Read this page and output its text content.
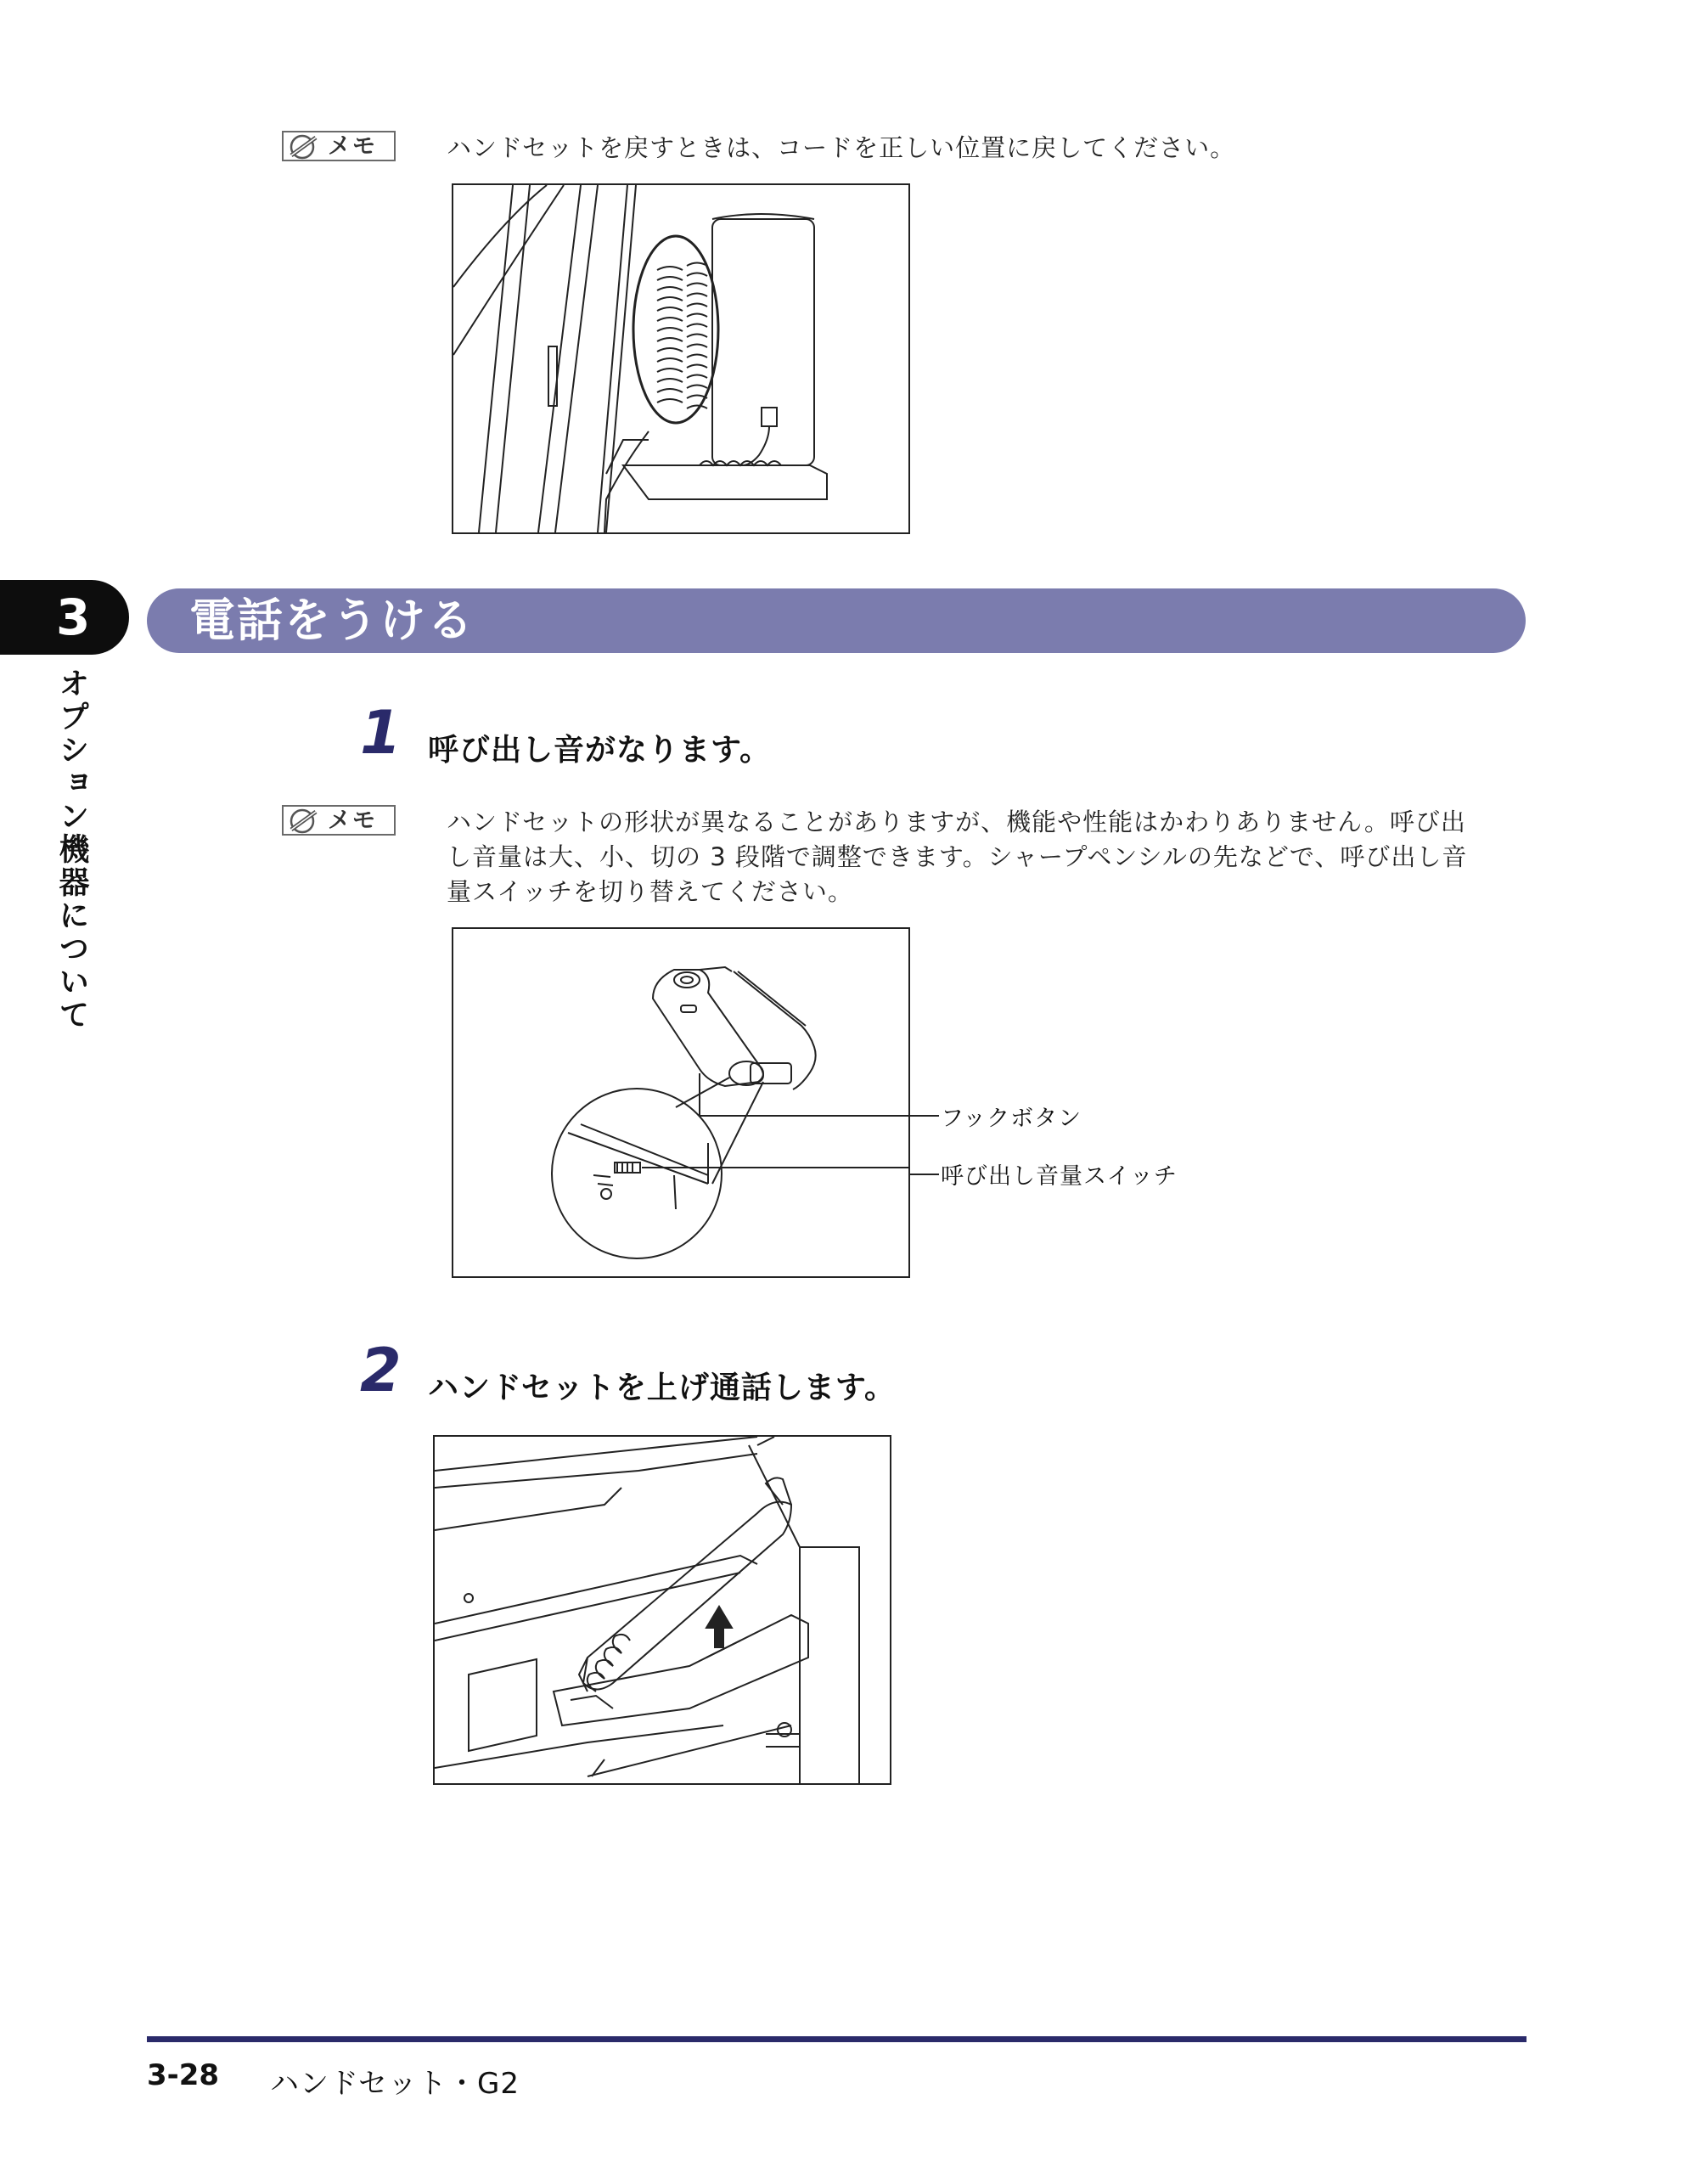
メモ	ハンドセットを戻すときは、コードを正しい位置に戻してください。
3
オプション機器について
電話をうける
1 呼び出し音がなります。
メモ	ハンドセットの形状が異なることがありますが、機能や性能はかわりありません。呼び出
し音量は大、小、切の 3 段階で調整できます。シャープペンシルの先などで、呼び出し音
量スイッチを切り替えてください。
フックボタン
呼び出し音量スイッチ
2 ハンドセットを上げ通話します。
3-28 ハンドセット・G2
